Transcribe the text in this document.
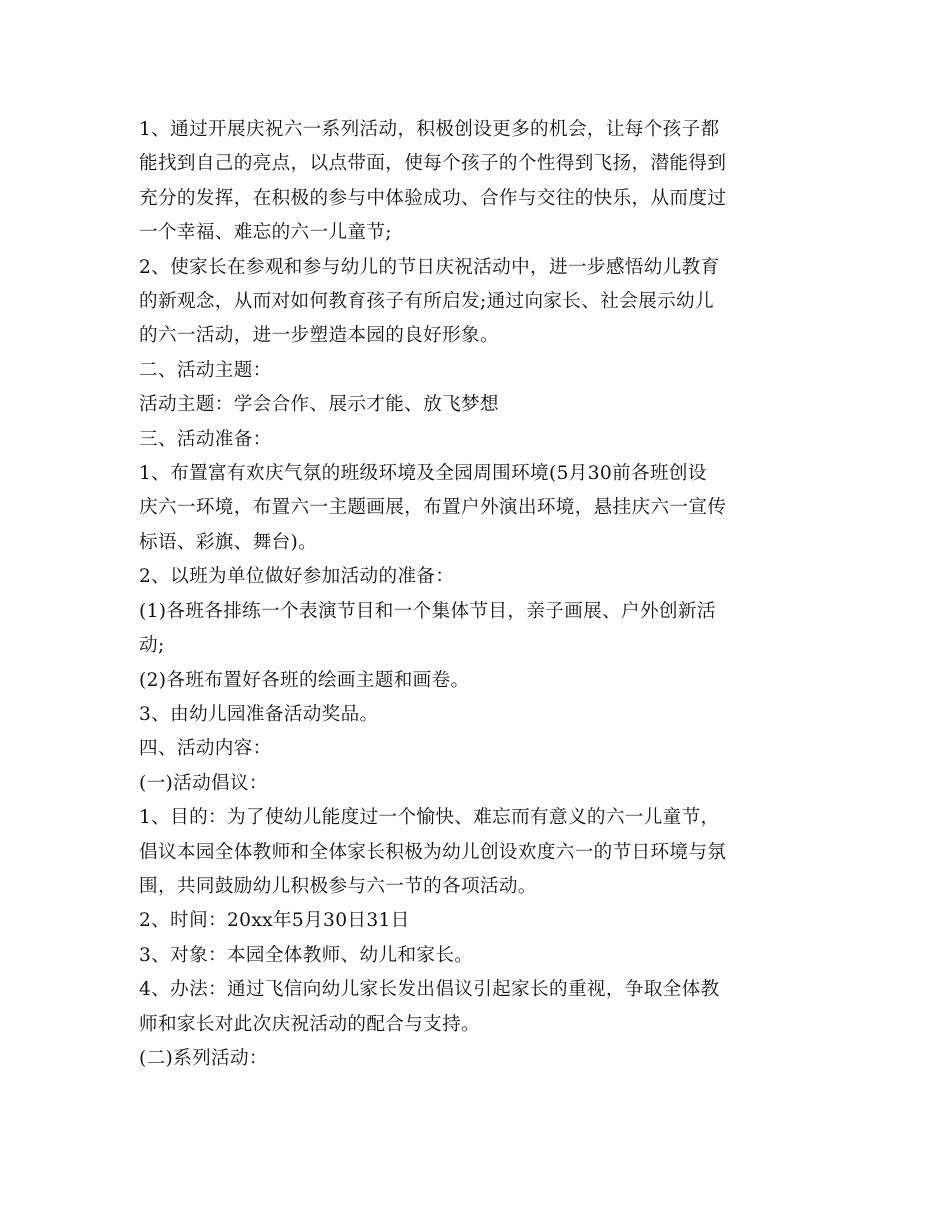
1、通过开展庆祝六一系列活动，积极创设更多的机会，让每个孩子都
能找到自己的亮点，以点带面，使每个孩子的个性得到飞扬，潜能得到
充分的发挥，在积极的参与中体验成功、合作与交往的快乐，从而度过
一个幸福、难忘的六一儿童节;
2、使家长在参观和参与幼儿的节日庆祝活动中，进一步感悟幼儿教育
的新观念，从而对如何教育孩子有所启发;通过向家长、社会展示幼儿
的六一活动，进一步塑造本园的良好形象。
二、活动主题：
活动主题：学会合作、展示才能、放飞梦想
三、活动准备：
1、布置富有欢庆气氛的班级环境及全园周围环境(5月30前各班创设
庆六一环境，布置六一主题画展，布置户外演出环境，悬挂庆六一宣传
标语、彩旗、舞台)。
2、以班为单位做好参加活动的准备：
(1)各班各排练一个表演节目和一个集体节目，亲子画展、户外创新活
动;
(2)各班布置好各班的绘画主题和画卷。
3、由幼儿园准备活动奖品。
四、活动内容：
(一)活动倡议：
1、目的：为了使幼儿能度过一个愉快、难忘而有意义的六一儿童节，
倡议本园全体教师和全体家长积极为幼儿创设欢度六一的节日环境与氛
围，共同鼓励幼儿积极参与六一节的各项活动。
2、时间：20xx年5月30日31日
3、对象：本园全体教师、幼儿和家长。
4、办法：通过飞信向幼儿家长发出倡议引起家长的重视，争取全体教
师和家长对此次庆祝活动的配合与支持。
(二)系列活动：
